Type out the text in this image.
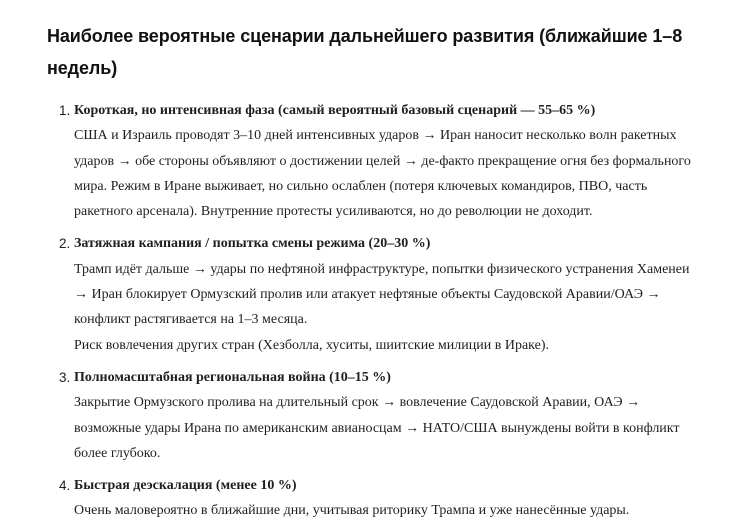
Наиболее вероятные сценарии дальнейшего развития (ближайшие 1–8 недель)
1. Короткая, но интенсивная фаза (самый вероятный базовый сценарий — 55–65 %)
США и Израиль проводят 3–10 дней интенсивных ударов → Иран наносит несколько волн ракетных ударов → обе стороны объявляют о достижении целей → де-факто прекращение огня без формального мира. Режим в Иране выживает, но сильно ослаблен (потеря ключевых командиров, ПВО, часть ракетного арсенала). Внутренние протесты усиливаются, но до революции не доходит.
2. Затяжная кампания / попытка смены режима (20–30 %)
Трамп идёт дальше → удары по нефтяной инфраструктуре, попытки физического устранения Хаменеи → Иран блокирует Ормузский пролив или атакует нефтяные объекты Саудовской Аравии/ОАЭ → конфликт растягивается на 1–3 месяца.
Риск вовлечения других стран (Хезболла, хуситы, шиитские милиции в Ираке).
3. Полномасштабная региональная война (10–15 %)
Закрытие Ормузского пролива на длительный срок → вовлечение Саудовской Аравии, ОАЭ → возможные удары Ирана по американским авианосцам → НАТО/США вынуждены войти в конфликт более глубоко.
4. Быстрая деэскалация (менее 10 %)
Очень маловероятно в ближайшие дни, учитывая риторику Трампа и уже нанесённые удары.
